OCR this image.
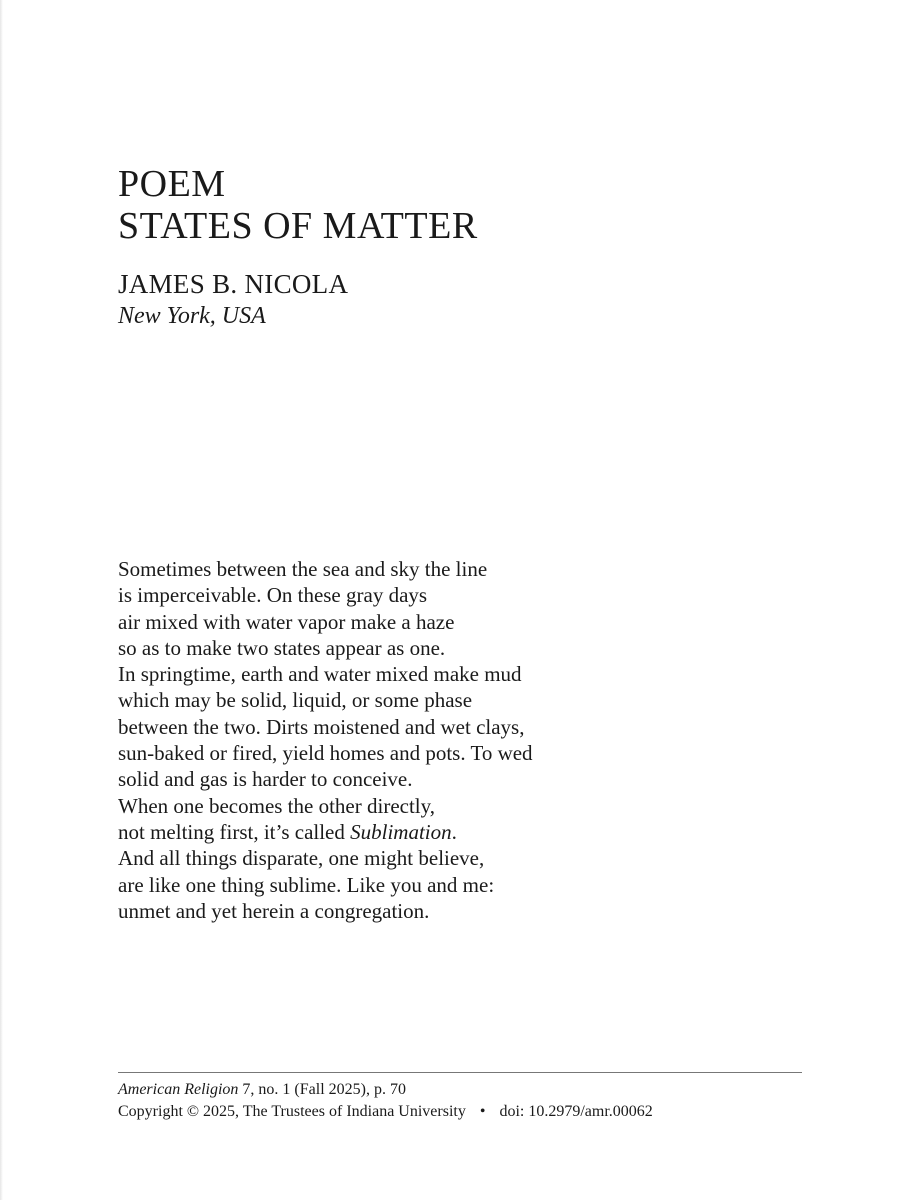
POEM
STATES OF MATTER
JAMES B. NICOLA
New York, USA
Sometimes between the sea and sky the line
is imperceivable. On these gray days
air mixed with water vapor make a haze
so as to make two states appear as one.
In springtime, earth and water mixed make mud
which may be solid, liquid, or some phase
between the two. Dirts moistened and wet clays,
sun-baked or fired, yield homes and pots. To wed
solid and gas is harder to conceive.
When one becomes the other directly,
not melting first, it’s called Sublimation.
And all things disparate, one might believe,
are like one thing sublime. Like you and me:
unmet and yet herein a congregation.
American Religion 7, no. 1 (Fall 2025), p. 70
Copyright © 2025, The Trustees of Indiana University • doi: 10.2979/amr.00062
